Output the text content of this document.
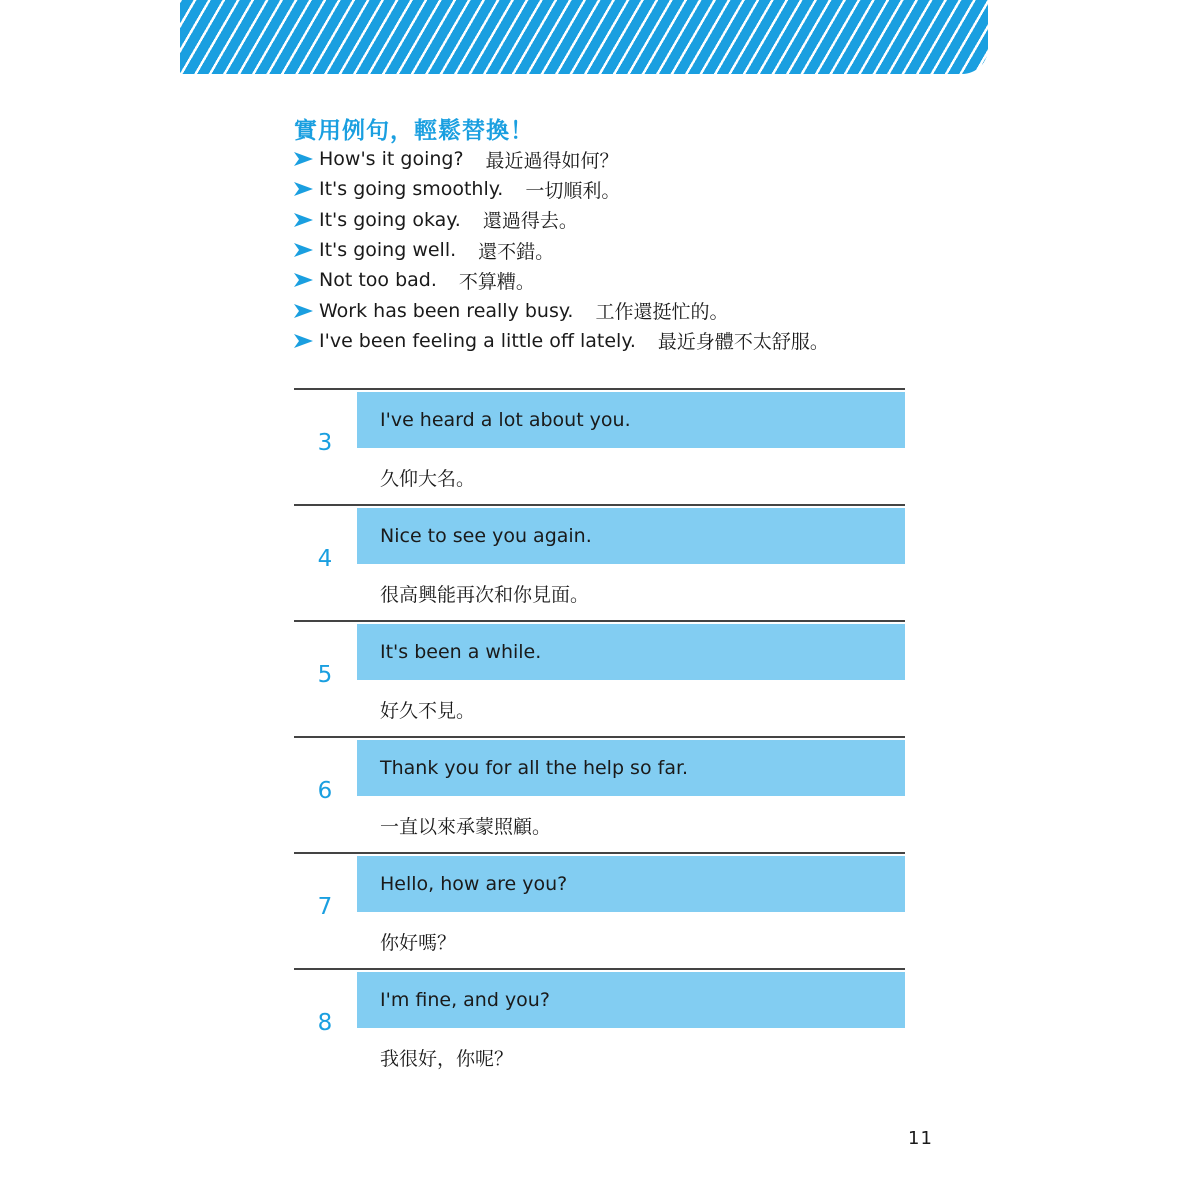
實用例句，輕鬆替換！
How's it going? 最近過得如何？
It's going smoothly. 一切順利。
It's going okay. 還過得去。
It's going well. 還不錯。
Not too bad. 不算糟。
Work has been really busy. 工作還挺忙的。
I've been feeling a little off lately. 最近身體不太舒服。
3
I've heard a lot about you.
久仰大名。
4
Nice to see you again.
很高興能再次和你見面。
5
It's been a while.
好久不見。
6
Thank you for all the help so far.
一直以來承蒙照顧。
7
Hello, how are you?
你好嗎？
8
I'm fine, and you?
我很好，你呢？
11
